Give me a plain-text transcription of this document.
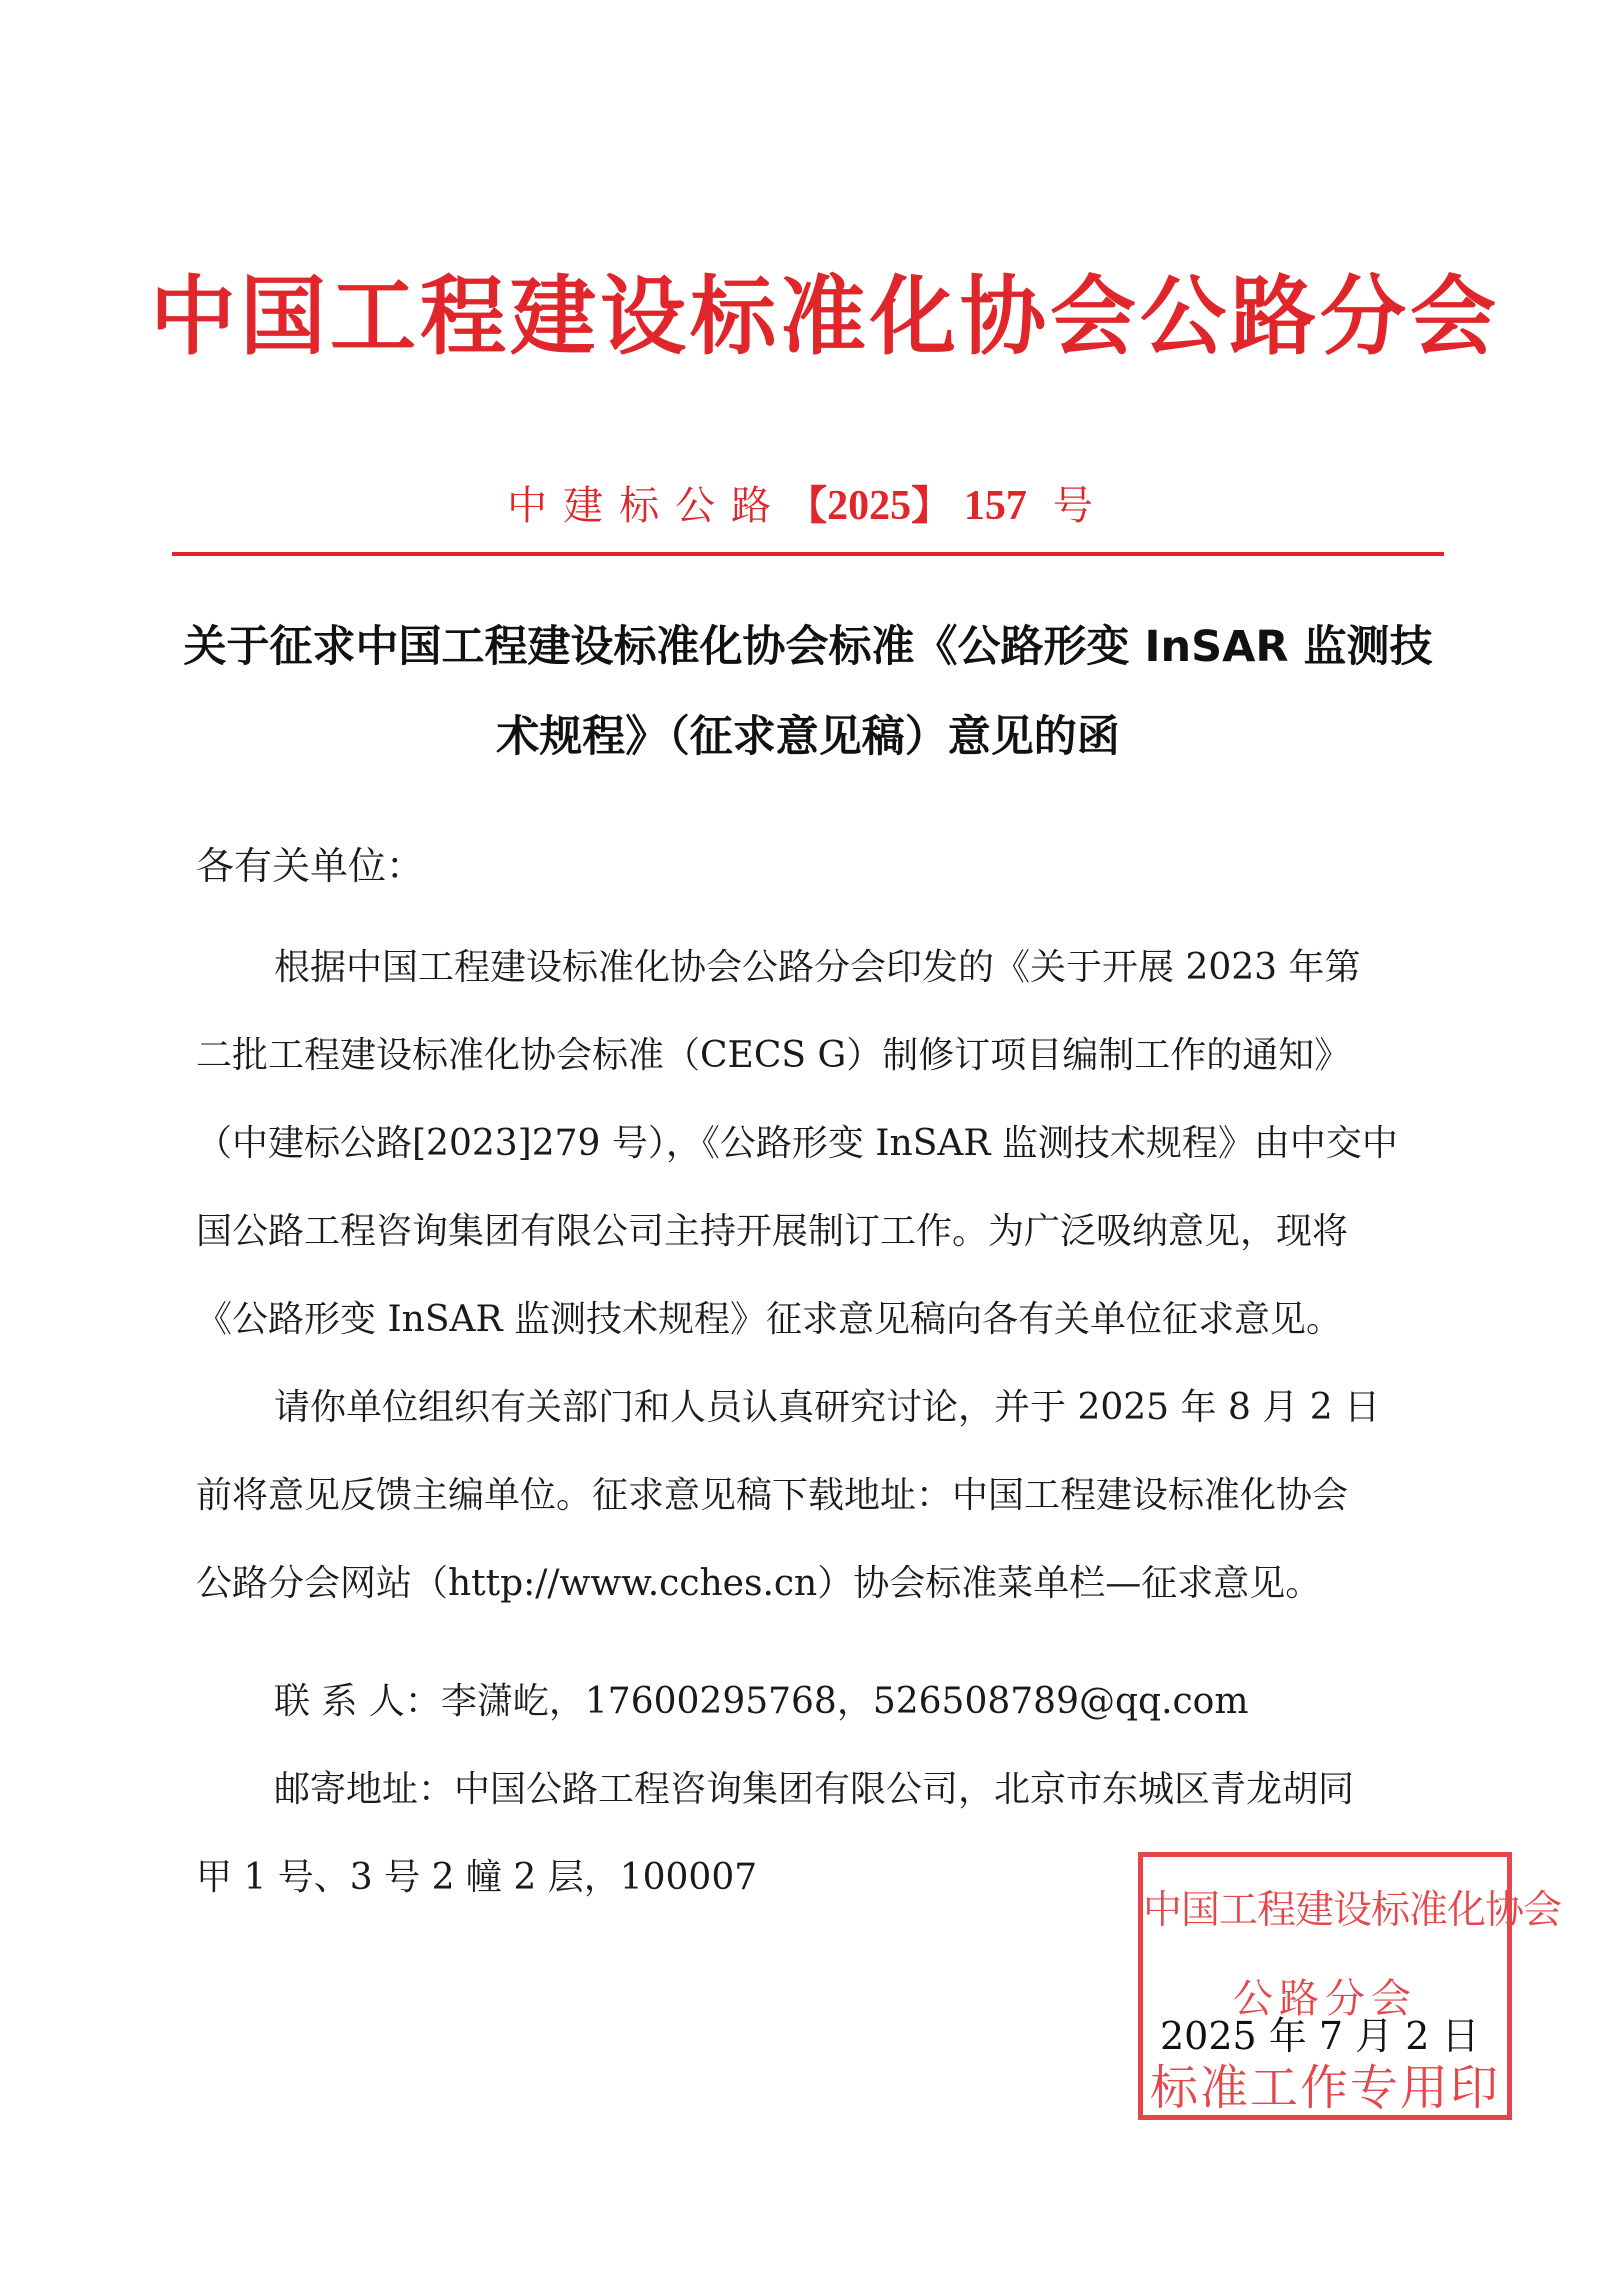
中国工程建设标准化协会公路分会
中建标公路【2025】 157 号
关于征求中国工程建设标准化协会标准《公路形变 InSAR 监测技
术规程》（征求意见稿）意见的函
各有关单位：
根据中国工程建设标准化协会公路分会印发的《关于开展 2023 年第
二批工程建设标准化协会标准（CECS G）制修订项目编制工作的通知》
（中建标公路[2023]279 号），《公路形变 InSAR 监测技术规程》由中交中
国公路工程咨询集团有限公司主持开展制订工作。为广泛吸纳意见，现将
《公路形变 InSAR 监测技术规程》征求意见稿向各有关单位征求意见。
请你单位组织有关部门和人员认真研究讨论，并于 2025 年 8 月 2 日
前将意见反馈主编单位。征求意见稿下载地址：中国工程建设标准化协会
公路分会网站（http://www.cches.cn）协会标准菜单栏—征求意见。
联 系 人：李潇屹，17600295768，526508789@qq.com
邮寄地址：中国公路工程咨询集团有限公司，北京市东城区青龙胡同
甲 1 号、3 号 2 幢 2 层，100007
中国工程建设标准化协会
公路分会
标准工作专用印
2025 年 7 月 2 日
